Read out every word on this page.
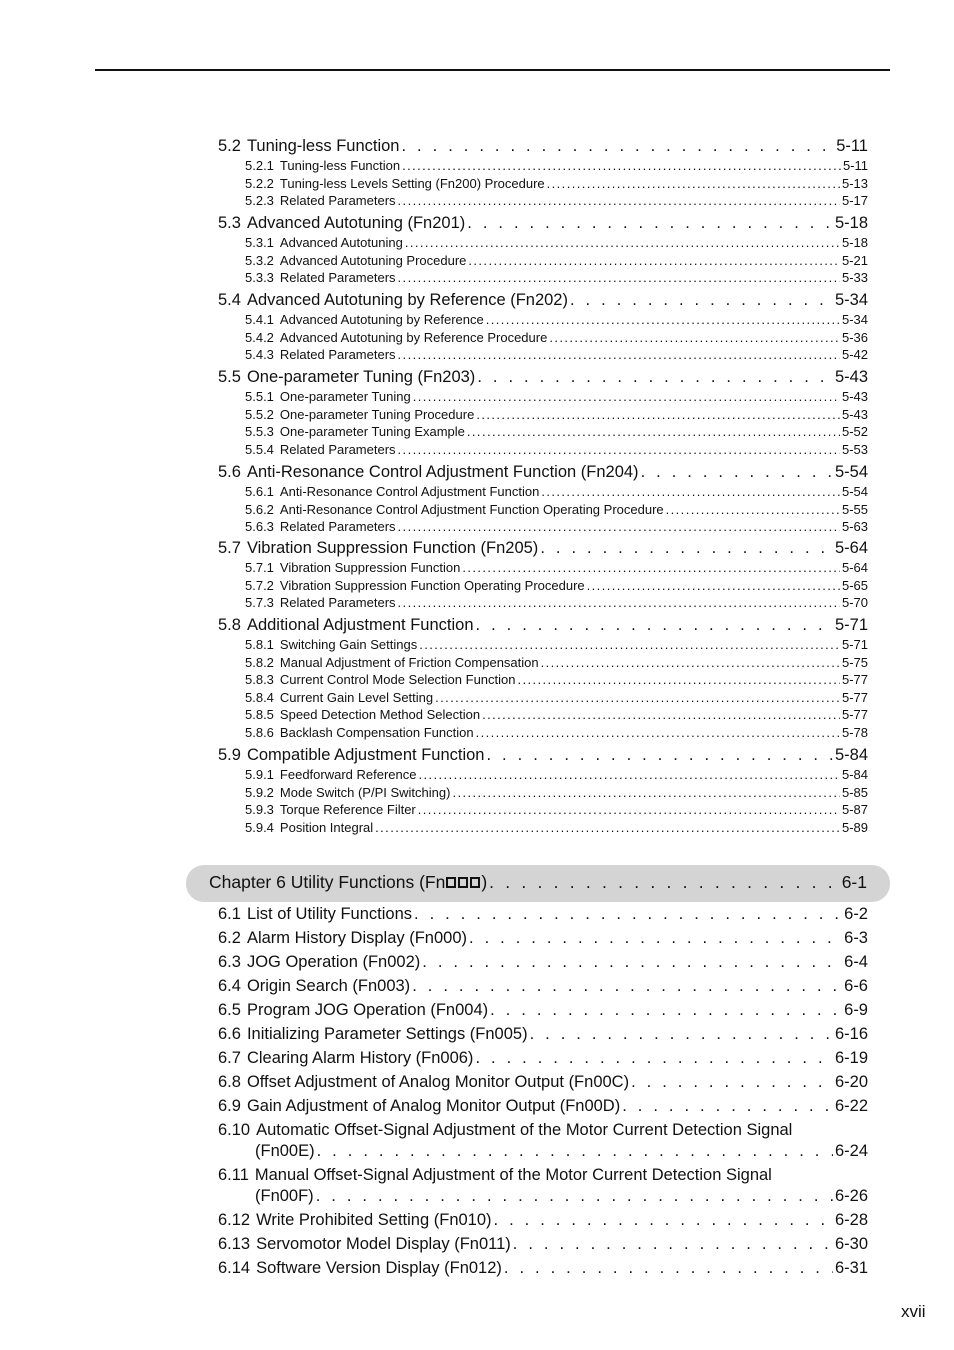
5.2 Tuning-less Function . . .	5-11
5.2.1 Tuning-less Function .....	5-11
5.2.2 Tuning-less Levels Setting (Fn200) Procedure .....	5-13
5.2.3 Related Parameters .....	5-17
5.3 Advanced Autotuning (Fn201) . . .	5-18
5.3.1 Advanced Autotuning .....	5-18
5.3.2 Advanced Autotuning Procedure .....	5-21
5.3.3 Related Parameters .....	5-33
5.4 Advanced Autotuning by Reference (Fn202) . . .	5-34
5.4.1 Advanced Autotuning by Reference .....	5-34
5.4.2 Advanced Autotuning by Reference Procedure .....	5-36
5.4.3 Related Parameters .....	5-42
5.5 One-parameter Tuning (Fn203) . . .	5-43
5.5.1 One-parameter Tuning .....	5-43
5.5.2 One-parameter Tuning Procedure .....	5-43
5.5.3 One-parameter Tuning Example .....	5-52
5.5.4 Related Parameters .....	5-53
5.6 Anti-Resonance Control Adjustment Function (Fn204) . . .	5-54
5.6.1 Anti-Resonance Control Adjustment Function .....	5-54
5.6.2 Anti-Resonance Control Adjustment Function Operating Procedure .....	5-55
5.6.3 Related Parameters .....	5-63
5.7 Vibration Suppression Function (Fn205) . . .	5-64
5.7.1 Vibration Suppression Function .....	5-64
5.7.2 Vibration Suppression Function Operating Procedure .....	5-65
5.7.3 Related Parameters .....	5-70
5.8 Additional Adjustment Function . . .	5-71
5.8.1 Switching Gain Settings .....	5-71
5.8.2 Manual Adjustment of Friction Compensation .....	5-75
5.8.3 Current Control Mode Selection Function .....	5-77
5.8.4 Current Gain Level Setting .....	5-77
5.8.5 Speed Detection Method Selection .....	5-77
5.8.6 Backlash Compensation Function .....	5-78
5.9 Compatible Adjustment Function . . .	5-84
5.9.1 Feedforward Reference .....	5-84
5.9.2 Mode Switch (P/PI Switching) .....	5-85
5.9.3 Torque Reference Filter .....	5-87
5.9.4 Position Integral .....	5-89
Chapter 6 Utility Functions (Fn ) . . .	6-1
6.1 List of Utility Functions . . .	6-2
6.2 Alarm History Display (Fn000) . . .	6-3
6.3 JOG Operation (Fn002) . . .	6-4
6.4 Origin Search (Fn003) . . .	6-6
6.5 Program JOG Operation (Fn004) . . .	6-9
6.6 Initializing Parameter Settings (Fn005) . . .	6-16
6.7 Clearing Alarm History (Fn006) . . .	6-19
6.8 Offset Adjustment of Analog Monitor Output (Fn00C) . . .	6-20
6.9 Gain Adjustment of Analog Monitor Output (Fn00D) . . .	6-22
6.10 Automatic Offset-Signal Adjustment of the Motor Current Detection Signal
(Fn00E) . . .	6-24
6.11 Manual Offset-Signal Adjustment of the Motor Current Detection Signal
(Fn00F) . . .	6-26
6.12 Write Prohibited Setting (Fn010) . . .	6-28
6.13 Servomotor Model Display (Fn011) . . .	6-30
6.14 Software Version Display (Fn012) . . .	6-31
xvii
